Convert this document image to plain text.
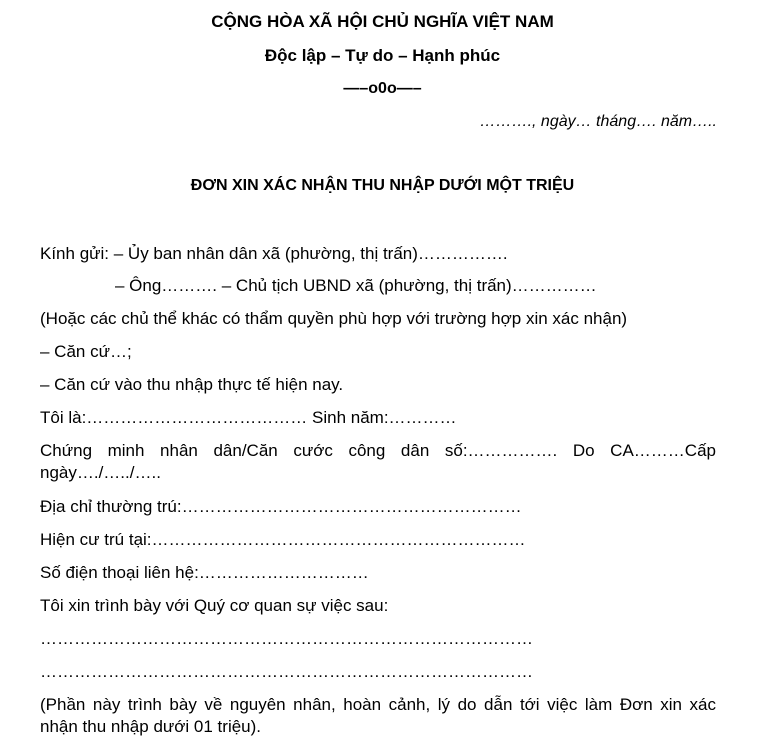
CỘNG HÒA XÃ HỘI CHỦ NGHĨA VIỆT NAM
Độc lập – Tự do – Hạnh phúc
—–o0o—–
………., ngày… tháng…. năm…..
ĐƠN XIN XÁC NHẬN THU NHẬP DƯỚI MỘT TRIỆU
Kính gửi: – Ủy ban nhân dân xã (phường, thị trấn)…………….
– Ông………. – Chủ tịch UBND xã (phường, thị trấn)……………
(Hoặc các chủ thể khác có thẩm quyền phù hợp với trường hợp xin xác nhận)
– Căn cứ…;
– Căn cứ vào thu nhập thực tế hiện nay.
Tôi là:………………………………… Sinh năm:…………
Chứng minh nhân dân/Căn cước công dân số:……………. Do CA………Cấp
ngày…./…../…..
Địa chỉ thường trú:……………………………………………………
Hiện cư trú tại:…………………………………………………………
Số điện thoại liên hệ:…………………………
Tôi xin trình bày với Quý cơ quan sự việc sau:
……………………………………………………………………………
……………………………………………………………………………
(Phần này trình bày về nguyên nhân, hoàn cảnh, lý do dẫn tới việc làm Đơn xin xác
nhận thu nhập dưới 01 triệu).
